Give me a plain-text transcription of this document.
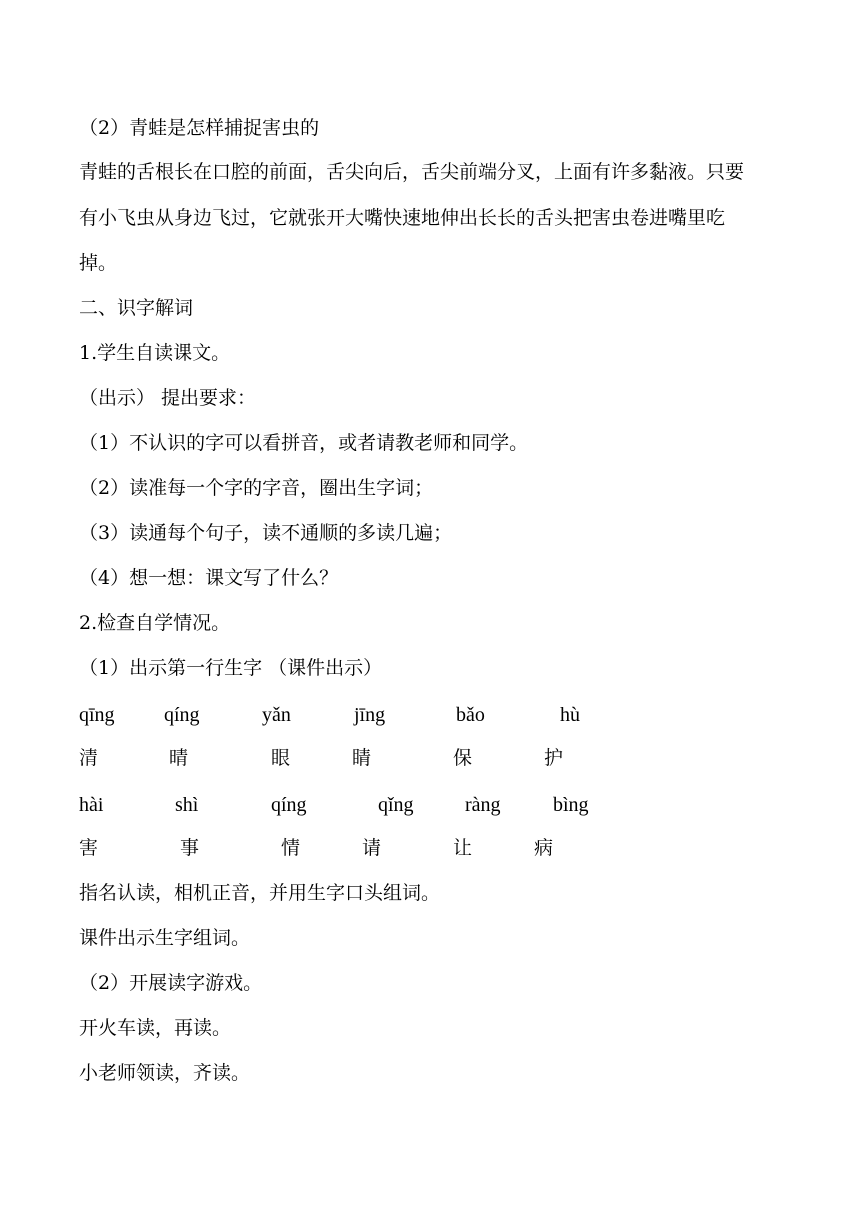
（2）青蛙是怎样捕捉害虫的
青蛙的舌根长在口腔的前面，舌尖向后，舌尖前端分叉，上面有许多黏液。只要
有小飞虫从身边飞过，它就张开大嘴快速地伸出长长的舌头把害虫卷进嘴里吃
掉。
二、识字解词
1.学生自读课文。
（出示） 提出要求：
（1）不认识的字可以看拼音，或者请教老师和同学。
（2）读准每一个字的字音，圈出生字词；
（3）读通每个句子，读不通顺的多读几遍；
（4）想一想：课文写了什么？
2.检查自学情况。
（1）出示第一行生字 （课件出示）
qīng qíng	yǎn	jīng	bǎo	hù
清	晴	眼	睛	保	护
hài	shì	qíng	qǐng	ràng	bìng
害	事	情	请	让	病
指名认读，相机正音，并用生字口头组词。
课件出示生字组词。
（2）开展读字游戏。
开火车读，再读。
小老师领读，齐读。
